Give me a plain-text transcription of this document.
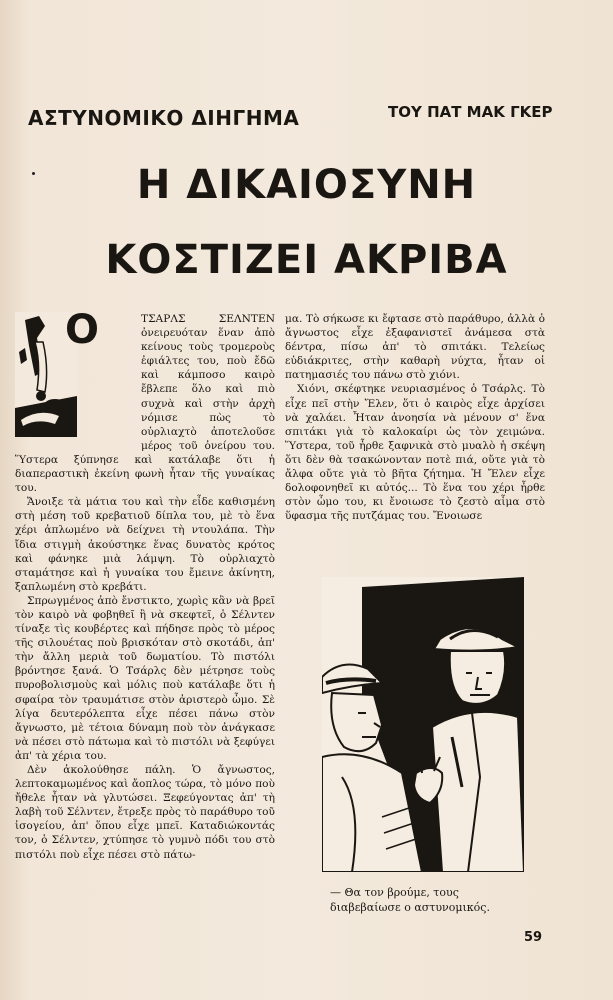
ΑΣΤΥΝΟΜΙΚΟ ΔΙΗΓΗΜΑ	ΤΟΥ ΠΑΤ ΜΑΚ ΓΚΕΡ
Η ΔΙΚΑΙΟΣΥΝΗ
ΚΟΣΤΙΖΕΙ ΑΚΡΙΒΑ
Ο	ΤΣΑΡΛΣ ΣΕΛΝΤΕΝ ὀνειρευόταν ἕναν ἀπὸ κείνους τοὺς τρομεροὺς ἐφιάλτες του, ποὺ ἔδῶ καὶ κάμποσο καιρὸ ἔβλεπε ὅλο καὶ πιὸ συχνὰ καὶ στὴν ἀρχὴ νόμισε πὼς τὸ οὐρλιαχτὸ ἀποτελοῦσε μέρος τοῦ ὀνείρου του. Ὕστερα ξύπνησε καὶ κατάλαβε ὅτι ἡ διαπεραστικὴ ἐκείνη φωνὴ ἦταν τῆς γυναίκας του.

Ἄνοιξε τὰ μάτια του καὶ τὴν εἶδε καθισμένη στὴ μέση τοῦ κρεβατιοῦ δίπλα του, μὲ τὸ ἕνα χέρι ἁπλωμένο νὰ δείχνει τὴ ντουλάπα. Τὴν ἴδια στιγμὴ ἀκούστηκε ἕνας δυνατὸς κρότος καὶ φάνηκε μιὰ λάμψη. Τὸ οὐρλιαχτὸ σταμάτησε καὶ ἡ γυναίκα του ἔμεινε ἀκίνητη, ξαπλωμένη στὸ κρεβάτι.

Σπρωγμένος ἀπὸ ἔνστικτο, χωρὶς κἂν νὰ βρεῖ τὸν καιρὸ νὰ φοβηθεῖ ἢ νὰ σκεφτεῖ, ὁ Σέλντεν τίναξε τὶς κουβέρτες καὶ πήδησε πρὸς τὸ μέρος τῆς σιλουέτας ποὺ βρισκόταν στὸ σκοτάδι, ἀπ' τὴν ἄλλη μεριὰ τοῦ δωματίου. Τὸ πιστόλι βρόντησε ξανά. Ὁ Τσάρλς δὲν μέτρησε τοὺς πυροβολισμοὺς καὶ μόλις ποὺ κατάλαβε ὅτι ἡ σφαίρα τὸν τραυμάτισε στὸν ἀριστερὸ ὦμο. Σὲ λίγα δευτερόλεπτα εἶχε πέσει πάνω στὸν ἄγνωστο, μὲ τέτοια δύναμη ποὺ τὸν ἀνάγκασε νὰ πέσει στὸ πάτωμα καὶ τὸ πιστόλι νὰ ξεφύγει ἀπ' τὰ χέρια του.

Δὲν ἀκολούθησε πάλη. Ὁ ἄγνωστος, λεπτοκαμωμένος καὶ ἄοπλος τώρα, τὸ μόνο ποὺ ἤθελε ἦταν νὰ γλυτώσει. Ξεφεύγοντας ἀπ' τὴ λαβὴ τοῦ Σέλντεν, ἔτρεξε πρὸς τὸ παράθυρο τοῦ ἰσογείου, ἀπ' ὅπου εἶχε μπεῖ. Καταδιώκοντάς τον, ὁ Σέλντεν, χτύπησε τὸ γυμνὸ πόδι του στὸ πιστόλι ποὺ εἶχε πέσει στὸ πάτω-

μα. Τὸ σήκωσε κι ἔφτασε στὸ παράθυρο, ἀλλὰ ὁ ἄγνωστος εἶχε ἐξαφανιστεῖ ἀνάμεσα στὰ δέντρα, πίσω ἀπ' τὸ σπιτάκι. Τελείως εὐδιάκριτες, στὴν καθαρὴ νύχτα, ἦταν οἱ πατημασιές του πάνω στὸ χιόνι.

Χιόνι, σκέφτηκε νευριασμένος ὁ Τσάρλς. Τὸ εἶχε πεῖ στὴν Ἔλεν, ὅτι ὁ καιρὸς εἶχε ἀρχίσει νὰ χαλάει. Ἦταν ἀνοησία νὰ μένουν σ' ἕνα σπιτάκι γιὰ τὸ καλοκαίρι ὡς τὸν χειμώνα. Ὕστερα, τοῦ ἦρθε ξαφνικὰ στὸ μυαλὸ ἡ σκέψη ὅτι δὲν θὰ τσακώνονταν ποτὲ πιά, οὔτε γιὰ τὸ ἄλφα οὔτε γιὰ τὸ βῆτα ζήτημα. Ἡ Ἔλεν εἶχε δολοφονηθεῖ κι αὐτός... Τὸ ἕνα του χέρι ἦρθε στὸν ὦμο του, κι ἔνοιωσε τὸ ζεστὸ αἷμα στὸ ὕφασμα τῆς πυτζάμας του. Ἔνοιωσε

— Θα τον βρούμε, τους διαβεβαίωσε ο αστυνομικός.
59
